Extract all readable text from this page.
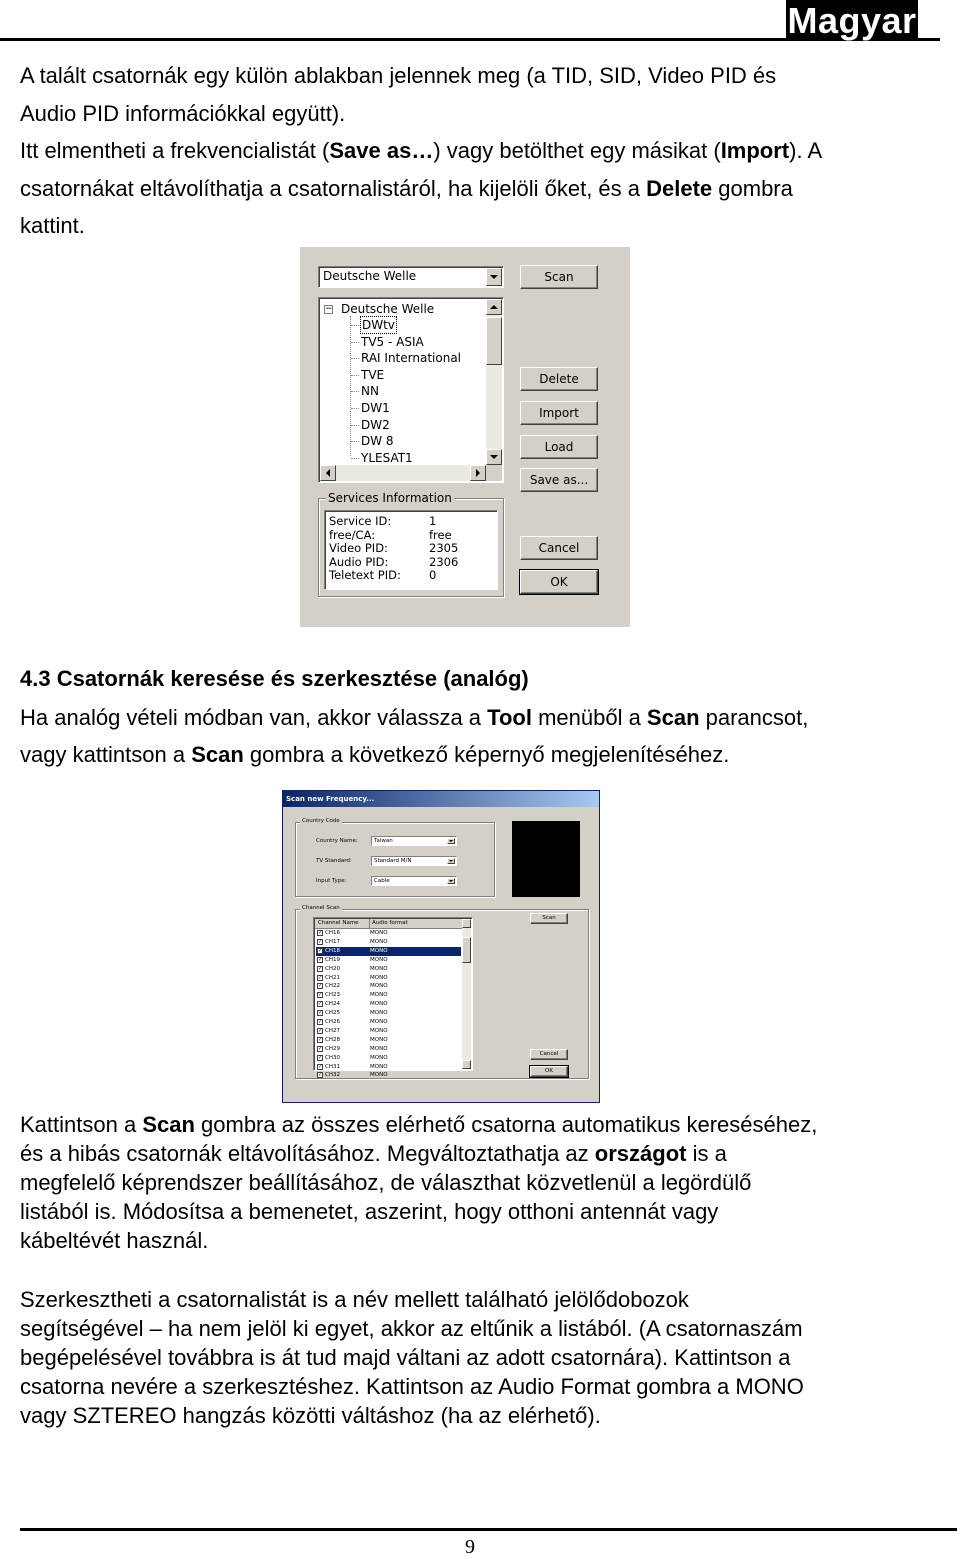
Magyar
A talált csatornák egy külön ablakban jelennek meg (a TID, SID, Video PID és
Audio PID információkkal együtt).
Itt elmentheti a frekvencialistát (Save as…) vagy betölthet egy másikat (Import). A
csatornákat eltávolíthatja a csatornalistáról, ha kijelöli őket, és a Delete gombra
kattint.
Deutsche Welle	Scan
− Deutsche Welle
DWtv
TV5 - ASIA
RAI International
TVE
NN
DW1
DW2
DW 8
YLESAT1
Delete
Import
Load
Save as...
Services Information
Service ID:	1
free/CA:	free
Video PID:	2305
Audio PID:	2306
Teletext PID: 0
Cancel
OK
4.3 Csatornák keresése és szerkesztése (analóg)
Ha analóg vételi módban van, akkor válassza a Tool menüből a Scan parancsot,
vagy kattintson a Scan gombra a következő képernyő megjelenítéséhez.
Scan new Frequency...
Country Code
Country Name:	Taiwan
TV Standard:	Standard M/N
Input Type:	Cable
Channel Scan
Channel Name	Audio format
✓ CH16	MONO
✓ CH17	MONO
✓ CH18	MONO
✓ CH19	MONO
✓ CH20	MONO
✓ CH21	MONO
✓ CH22	MONO
✓ CH23	MONO
✓ CH24	MONO
✓ CH25	MONO
✓ CH26	MONO
✓ CH27	MONO
✓ CH28	MONO
✓ CH29	MONO
✓ CH30	MONO
✓ CH31	MONO
✓ CH32	MONO
Scan
Cancel
OK
Kattintson a Scan gombra az összes elérhető csatorna automatikus kereséséhez,
és a hibás csatornák eltávolításához. Megváltoztathatja az országot is a
megfelelő képrendszer beállításához, de választhat közvetlenül a legördülő
listából is. Módosítsa a bemenetet, aszerint, hogy otthoni antennát vagy
kábeltévét használ.
Szerkesztheti a csatornalistát is a név mellett található jelölődobozok
segítségével – ha nem jelöl ki egyet, akkor az eltűnik a listából. (A csatornaszám
begépelésével továbbra is át tud majd váltani az adott csatornára). Kattintson a
csatorna nevére a szerkesztéshez. Kattintson az Audio Format gombra a MONO
vagy SZTEREO hangzás közötti váltáshoz (ha az elérhető).
9
